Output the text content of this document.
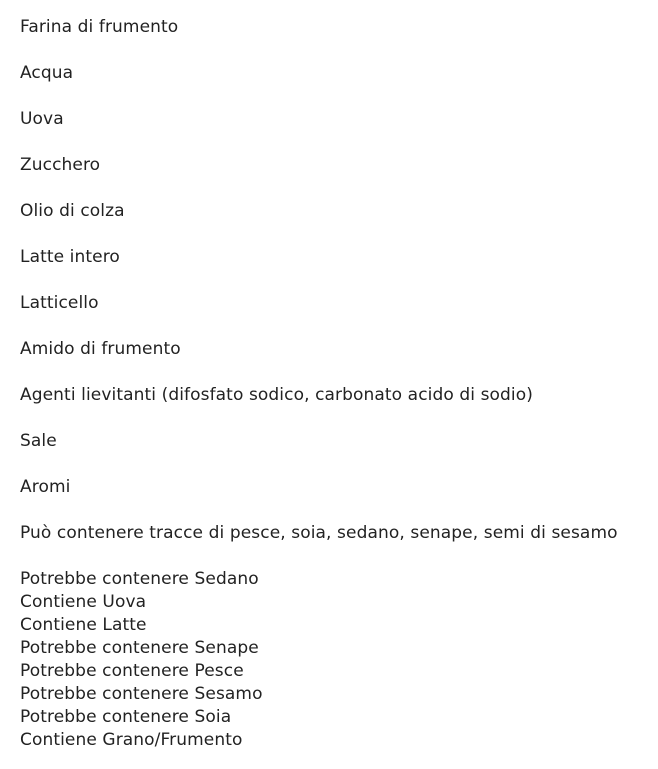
Farina di frumento
Acqua
Uova
Zucchero
Olio di colza
Latte intero
Latticello
Amido di frumento
Agenti lievitanti (difosfato sodico, carbonato acido di sodio)
Sale
Aromi
Può contenere tracce di pesce, soia, sedano, senape, semi di sesamo
Potrebbe contenere Sedano
Contiene Uova
Contiene Latte
Potrebbe contenere Senape
Potrebbe contenere Pesce
Potrebbe contenere Sesamo
Potrebbe contenere Soia
Contiene Grano/Frumento
